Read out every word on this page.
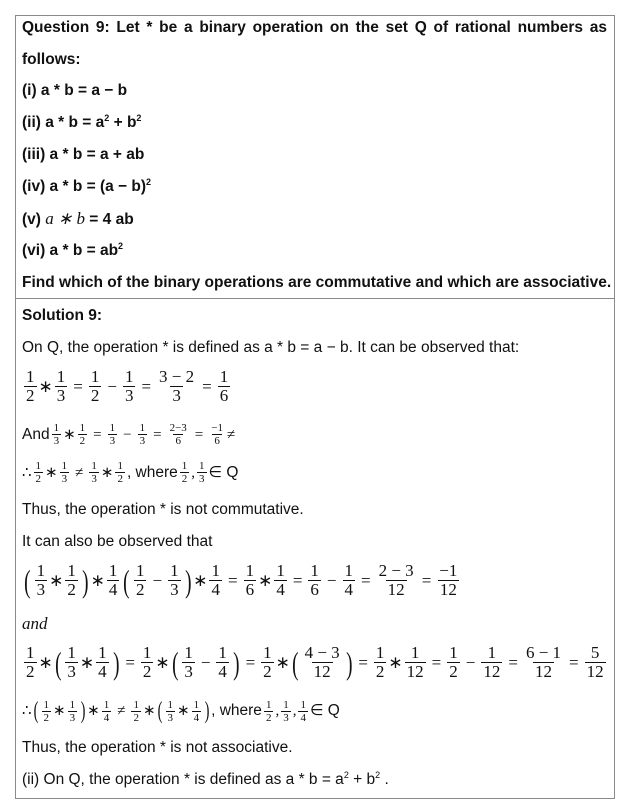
Question 9: Let * be a binary operation on the set Q of rational numbers as
follows:
(i) a * b = a − b
(ii) $a * b = a^2 + b^2$
(iii) a * b = a + ab
(iv) $a * b = (a - b)^2$
(v) a ∗ b = 4 ab
(vi) $a * b = ab^2$
Find which of the binary operations are commutative and which are associative.
Solution 9:
On Q, the operation * is defined as a * b = a − b. It can be observed that:
1
2 ∗ $\frac{1}{3} = \frac{1}{2} - \frac{1}{3} = \frac{3 - 2}{3} = \frac{1}{6}$
And 1
3 ∗ $\frac{1}{2} = \frac{1}{3} - \frac{1}{3} = \frac{2-3}{6} = \frac{-1}{6}$ ≠
∴ 1
2 ∗ 1
3 ≠ 1
3 ∗ 1
2 , where 1
2 , 1
3 ∈ Q
Thus, the operation * is not commutative.
It can also be observed that
( 1
3 ∗ 1
2 ) ∗ 1
4 ( 1
$2 - \frac{1}{3}$ ) ∗ $\frac{1}{4} = \frac{1}{6}$ ∗ $\frac{1}{4} = \frac{1}{6} - \frac{1}{4} = \frac{2 - 3}{12} = \frac{-1}{12}$
and
1
2 ∗ ( 1
3 ∗ 1
4 ) = $\frac{1}{2}$ ∗ ( 1
$3 - \frac{1}{4}$ ) = $\frac{1}{2}$ ∗ ( 4 − 3
12 ) = $\frac{1}{2}$ ∗ $\frac{1}{12} = \frac{1}{2} - \frac{1}{12} = \frac{6 - 1}{12} = \frac{5}{12}$
∴ ( 1
2 ∗ 1
3 ) ∗ 1
4 ≠ 1
2 ∗ ( 1
3 ∗ 1
4 ) , where 1
2 , 1
3 , 1
4 ∈ Q
Thus, the operation * is not associative.
(ii) On Q, the operation * is defined as $a * b = a^2 + b^2$ .
